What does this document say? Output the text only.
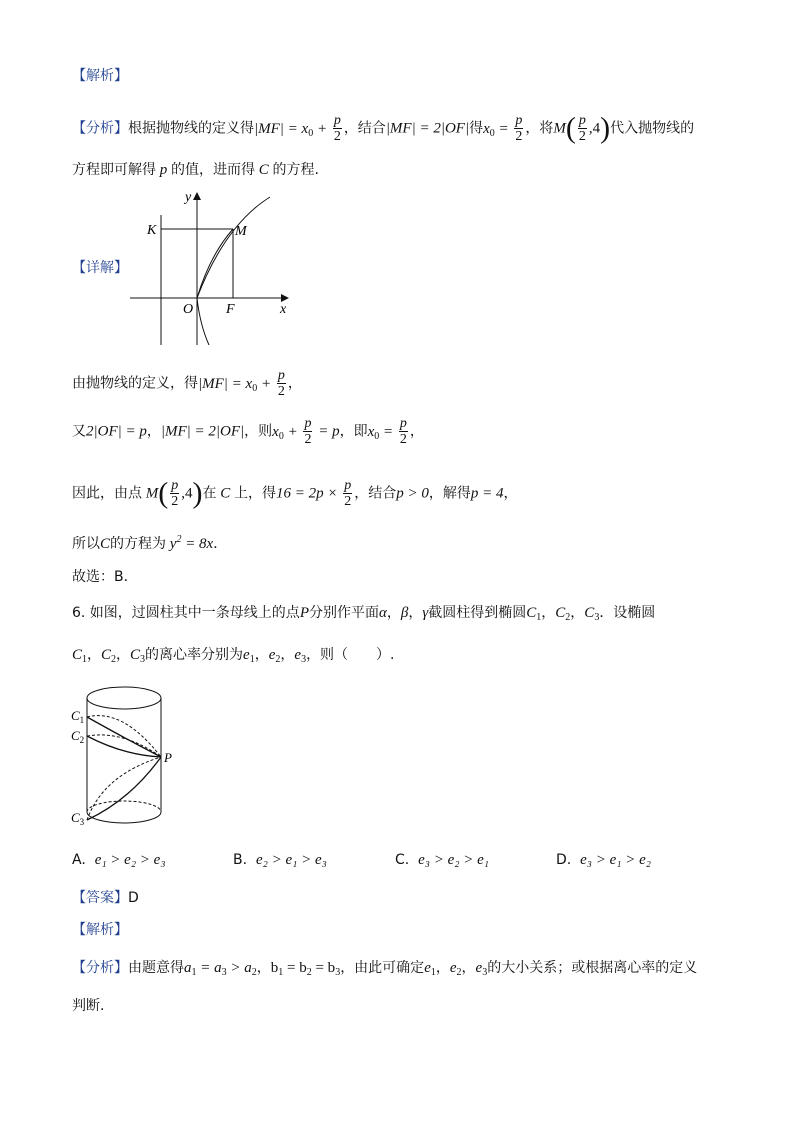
【解析】
【分析】根据抛物线的定义得$|MF| = x_0 + \frac{p}{2}$ ，结合|MF| = 2|OF|得$x_0 = \frac{p}{2}$ ，将$M( \frac{p}{2} ,4)$代入抛物线的
方程即可解得 p 的值，进而得 C 的方程.
【详解】
y
x
K	M
O F
由抛物线的定义，得$|MF| = x_0 + \frac{p}{2}$ ，
又2|OF| = p，|MF| = 2|OF|，则$x_0 + \frac{p}{2} = p$，即$x_0 = \frac{p}{2}$ ，
因此，由点 $M( \frac{p}{2} ,4)$在 C 上，得$16 = 2p \times \frac{p}{2}$ ，结合p > 0，解得p = 4，
所以C的方程为 $y^2 = 8x$．
故选：B．
6. 如图，过圆柱其中一条母线上的点P分别作平面α，β，γ截圆柱得到椭圆$C_1$，$C_2$，$C_3$．设椭圆
$C_1$，$C_2$，$C_3$的离心率分别为$e_1$，$e_2$，$e_3$，则（　　）.
$C_1$
$C_2$
$C_3$
P
A. e₁ > e₂ > e₃	B. e₂ > e₁ > e₃	C. e₃ > e₂ > e₁	D. e₃ > e₁ > e₂
【答案】D
【解析】
【分析】由题意得$a_1 = a_3 > a_2$，$b_1 = b_2 = b_3$，由此可确定$e_1$，$e_2$，$e_3$的大小关系；或根据离心率的定义
判断.
